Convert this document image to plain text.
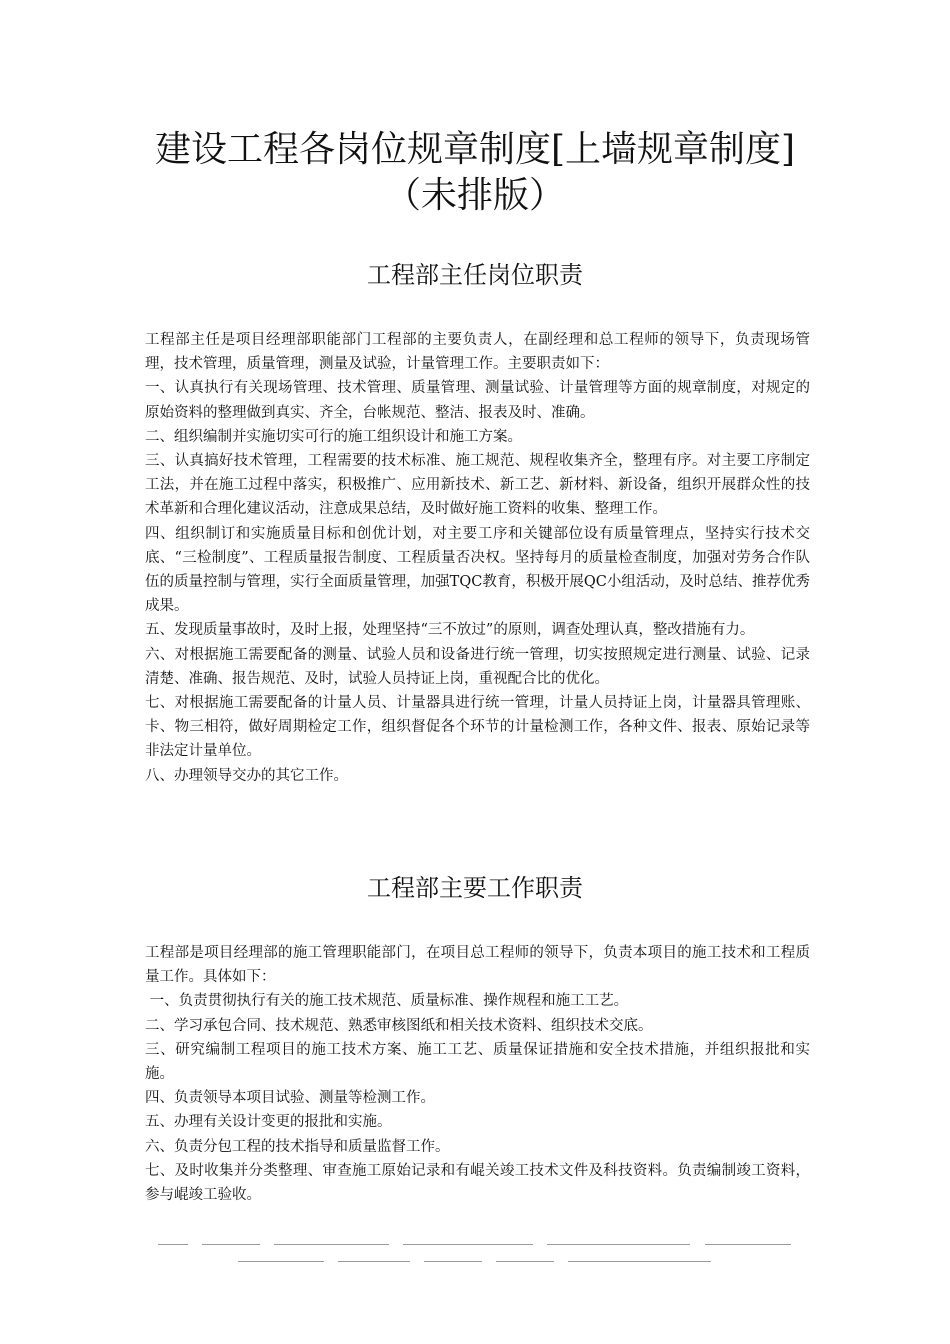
建设工程各岗位规章制度[上墙规章制度]
（未排版）
工程部主任岗位职责

工程部主任是项目经理部职能部门工程部的主要负责人，在副经理和总工程师的领导下，负责现场管理，技术管理，质量管理，测量及试验，计量管理工作。主要职责如下：

一、认真执行有关现场管理、技术管理、质量管理、测量试验、计量管理等方面的规章制度，对规定的原始资料的整理做到真实、齐全，台帐规范、整洁、报表及时、准确。

二、组织编制并实施切实可行的施工组织设计和施工方案。

三、认真搞好技术管理，工程需要的技术标准、施工规范、规程收集齐全，整理有序。对主要工序制定工法，并在施工过程中落实，积极推广、应用新技术、新工艺、新材料、新设备，组织开展群众性的技术革新和合理化建议活动，注意成果总结，及时做好施工资料的收集、整理工作。

四、组织制订和实施质量目标和创优计划，对主要工序和关键部位设有质量管理点，坚持实行技术交底、“三检制度”、工程质量报告制度、工程质量否决权。坚持每月的质量检查制度，加强对劳务合作队伍的质量控制与管理，实行全面质量管理，加强TQC教育，积极开展QC小组活动，及时总结、推荐优秀成果。

五、发现质量事故时，及时上报，处理坚持“三不放过”的原则，调查处理认真，整改措施有力。

六、对根据施工需要配备的测量、试验人员和设备进行统一管理，切实按照规定进行测量、试验、记录清楚、准确、报告规范、及时，试验人员持证上岗，重视配合比的优化。

七、对根据施工需要配备的计量人员、计量器具进行统一管理，计量人员持证上岗，计量器具管理账、卡、物三相符，做好周期检定工作，组织督促各个环节的计量检测工作，各种文件、报表、原始记录等非法定计量单位。

八、办理领导交办的其它工作。

工程部主要工作职责

工程部是项目经理部的施工管理职能部门，在项目总工程师的领导下，负责本项目的施工技术和工程质量工作。具体如下：

一、负责贯彻执行有关的施工技术规范、质量标准、操作规程和施工工艺。

二、学习承包合同、技术规范、熟悉审核图纸和相关技术资料、组织技术交底。

三、研究编制工程项目的施工技术方案、施工工艺、质量保证措施和安全技术措施，并组织报批和实施。

四、负责领导本项目试验、测量等检测工作。

五、办理有关设计变更的报批和实施。

六、负责分包工程的技术指导和质量监督工作。

七、及时收集并分类整理、审查施工原始记录和有崐关竣工技术文件及科技资料。负责编制竣工资料，参与崐竣工验收。
